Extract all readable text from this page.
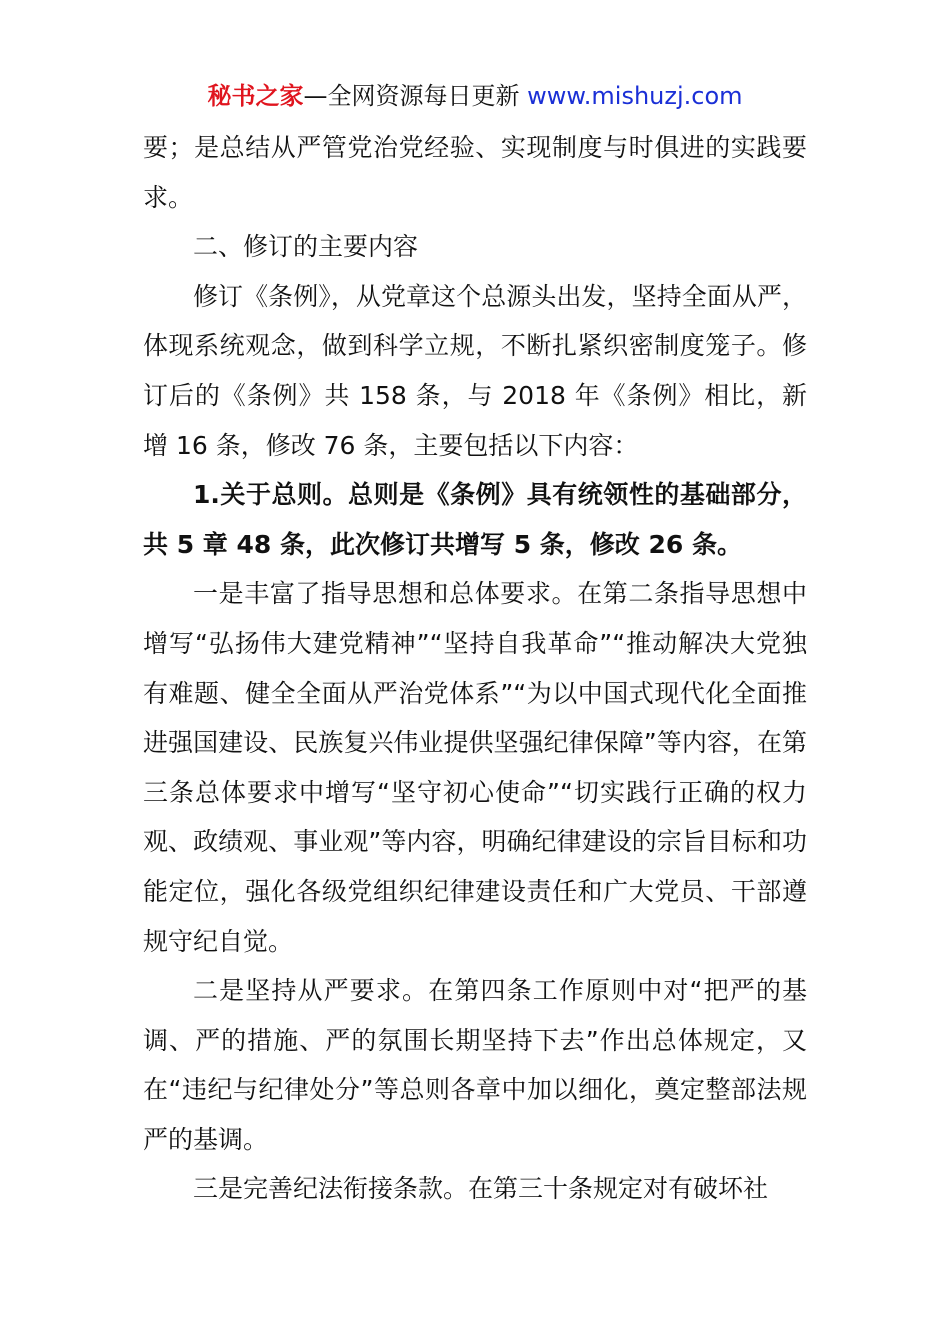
秘书之家—全网资源每日更新 www.mishuzj.com

要；是总结从严管党治党经验、实现制度与时俱进的实践要求。

二、修订的主要内容

修订《条例》，从党章这个总源头出发，坚持全面从严，体现系统观念，做到科学立规，不断扎紧织密制度笼子。修订后的《条例》共 158 条，与 2018 年《条例》相比，新增 16 条，修改 76 条，主要包括以下内容：

1.关于总则。总则是《条例》具有统领性的基础部分，共 5 章 48 条，此次修订共增写 5 条，修改 26 条。

一是丰富了指导思想和总体要求。在第二条指导思想中增写“弘扬伟大建党精神”“坚持自我革命”“推动解决大党独有难题、健全全面从严治党体系”“为以中国式现代化全面推进强国建设、民族复兴伟业提供坚强纪律保障”等内容，在第三条总体要求中增写“坚守初心使命”“切实践行正确的权力观、政绩观、事业观”等内容，明确纪律建设的宗旨目标和功能定位，强化各级党组织纪律建设责任和广大党员、干部遵规守纪自觉。

二是坚持从严要求。在第四条工作原则中对“把严的基调、严的措施、严的氛围长期坚持下去”作出总体规定，又在“违纪与纪律处分”等总则各章中加以细化，奠定整部法规严的基调。

三是完善纪法衔接条款。在第三十条规定对有破坏社
